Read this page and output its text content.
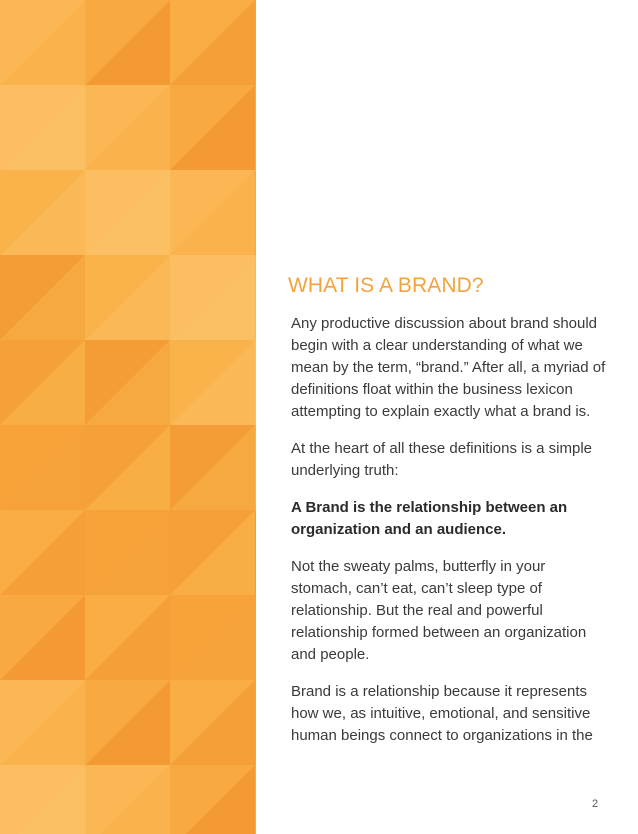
WHAT IS A BRAND?

Any productive discussion about brand should begin with a clear understanding of what we mean by the term, “brand.” After all, a myriad of definitions float within the business lexicon attempting to explain exactly what a brand is.

At the heart of all these definitions is a simple underlying truth:

A Brand is the relationship between an organization and an audience.

Not the sweaty palms, butterfly in your stomach, can’t eat, can’t sleep type of relationship. But the real and powerful relationship formed between an organization and people.

Brand is a relationship because it represents how we, as intuitive, emotional, and sensitive human beings connect to organizations in the

2
